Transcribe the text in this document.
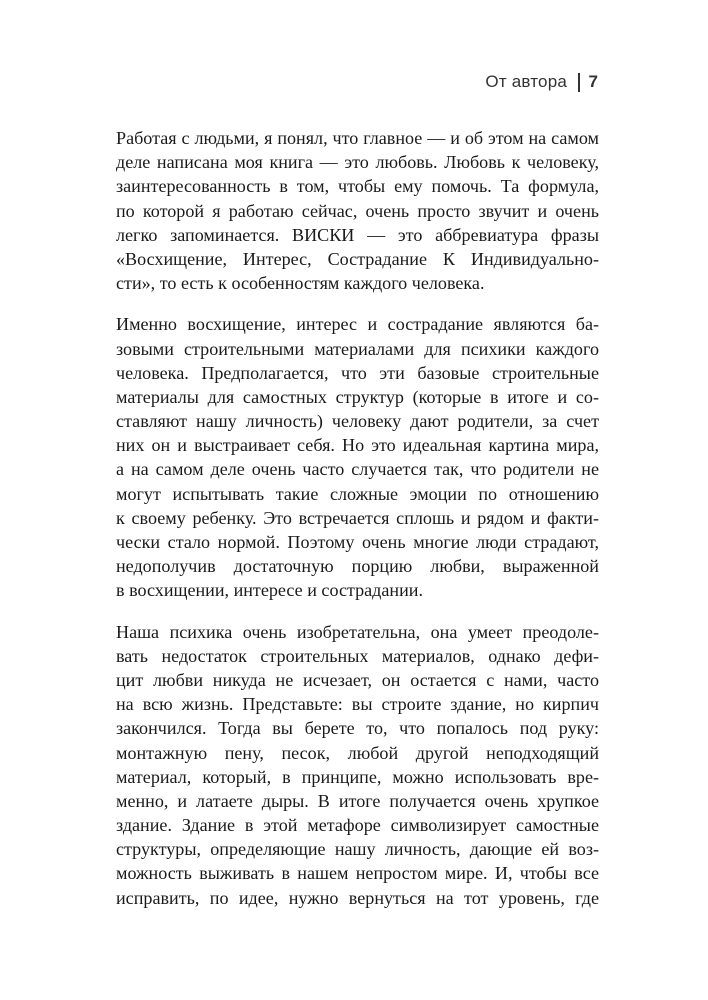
От автора 7

Работая с людьми, я понял, что главное — и об этом на самом
деле написана моя книга — это любовь. Любовь к человеку,
заинтересованность в том, чтобы ему помочь. Та формула,
по которой я работаю сейчас, очень просто звучит и очень
легко запоминается. ВИСКИ — это аббревиатура фразы
«Восхищение, Интерес, Сострадание К Индивидуально-
сти», то есть к особенностям каждого человека.

Именно восхищение, интерес и сострадание являются ба-
зовыми строительными материалами для психики каждого
человека. Предполагается, что эти базовые строительные
материалы для самостных структур (которые в итоге и со-
ставляют нашу личность) человеку дают родители, за счет
них он и выстраивает себя. Но это идеальная картина мира,
а на самом деле очень часто случается так, что родители не
могут испытывать такие сложные эмоции по отношению
к своему ребенку. Это встречается сплошь и рядом и факти-
чески стало нормой. Поэтому очень многие люди страдают,
недополучив достаточную порцию любви, выраженной
в восхищении, интересе и сострадании.

Наша психика очень изобретательна, она умеет преодоле-
вать недостаток строительных материалов, однако дефи-
цит любви никуда не исчезает, он остается с нами, часто
на всю жизнь. Представьте: вы строите здание, но кирпич
закончился. Тогда вы берете то, что попалось под руку:
монтажную пену, песок, любой другой неподходящий
материал, который, в принципе, можно использовать вре-
менно, и латаете дыры. В итоге получается очень хрупкое
здание. Здание в этой метафоре символизирует самостные
структуры, определяющие нашу личность, дающие ей воз-
можность выживать в нашем непростом мире. И, чтобы все
исправить, по идее, нужно вернуться на тот уровень, где
